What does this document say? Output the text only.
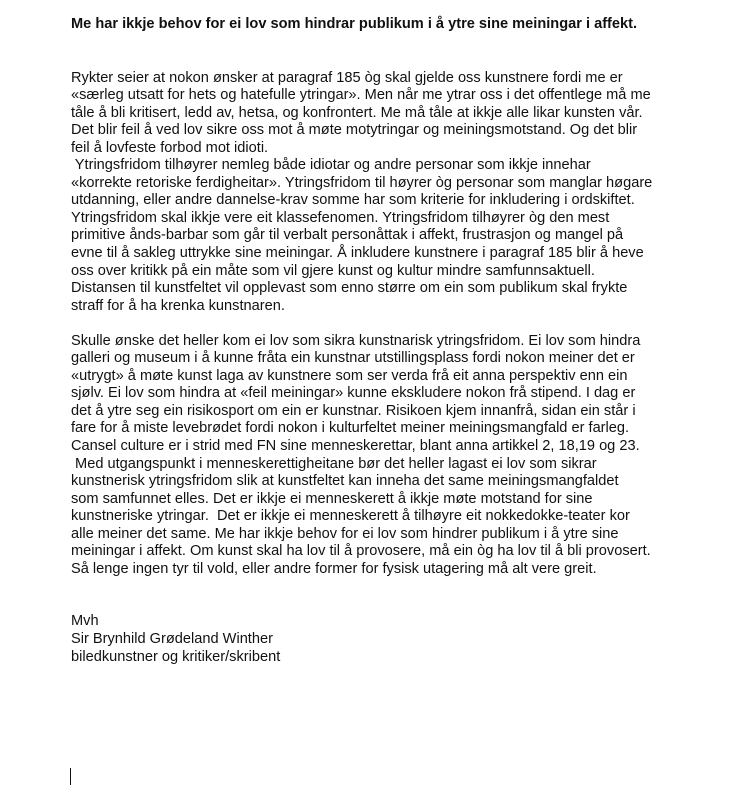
Me har ikkje behov for ei lov som hindrar publikum i å ytre sine meiningar i affekt.
Rykter seier at nokon ønsker at paragraf 185 òg skal gjelde oss kunstnere fordi me er
«særleg utsatt for hets og hatefulle ytringar». Men når me ytrar oss i det offentlege må me
tåle å bli kritisert, ledd av, hetsa, og konfrontert. Me må tåle at ikkje alle likar kunsten vår.
Det blir feil å ved lov sikre oss mot å møte motytringar og meiningsmotstand. Og det blir
feil å lovfeste forbod mot idioti.
Ytringsfridom tilhøyrer nemleg både idiotar og andre personar som ikkje innehar
«korrekte retoriske ferdigheitar». Ytringsfridom til høyrer òg personar som manglar høgare
utdanning, eller andre dannelse-krav somme har som kriterie for inkludering i ordskiftet.
Ytringsfridom skal ikkje vere eit klassefenomen. Ytringsfridom tilhøyrer òg den mest
primitive ånds-barbar som går til verbalt personåttak i affekt, frustrasjon og mangel på
evne til å sakleg uttrykke sine meiningar. Å inkludere kunstnere i paragraf 185 blir å heve
oss over kritikk på ein måte som vil gjere kunst og kultur mindre samfunnsaktuell.
Distansen til kunstfeltet vil opplevast som enno større om ein som publikum skal frykte
straff for å ha krenka kunstnaren.
Skulle ønske det heller kom ei lov som sikra kunstnarisk ytringsfridom. Ei lov som hindra
galleri og museum i å kunne fråta ein kunstnar utstillingsplass fordi nokon meiner det er
«utrygt» å møte kunst laga av kunstnere som ser verda frå eit anna perspektiv enn ein
sjølv. Ei lov som hindra at «feil meiningar» kunne ekskludere nokon frå stipend. I dag er
det å ytre seg ein risikosport om ein er kunstnar. Risikoen kjem innanfrå, sidan ein står i
fare for å miste levebrødet fordi nokon i kulturfeltet meiner meiningsmangfald er farleg.
Cansel culture er i strid med FN sine menneskerettar, blant anna artikkel 2, 18,19 og 23.
Med utgangspunkt i menneskerettigheitane bør det heller lagast ei lov som sikrar
kunstnerisk ytringsfridom slik at kunstfeltet kan inneha det same meiningsmangfaldet
som samfunnet elles. Det er ikkje ei menneskerett å ikkje møte motstand for sine
kunstneriske ytringar.  Det er ikkje ei menneskerett å tilhøyre eit nokkedokke-teater kor
alle meiner det same. Me har ikkje behov for ei lov som hindrer publikum i å ytre sine
meiningar i affekt. Om kunst skal ha lov til å provosere, må ein òg ha lov til å bli provosert.
Så lenge ingen tyr til vold, eller andre former for fysisk utagering må alt vere greit.
Mvh
Sir Brynhild Grødeland Winther
biledkunstner og kritiker/skribent
